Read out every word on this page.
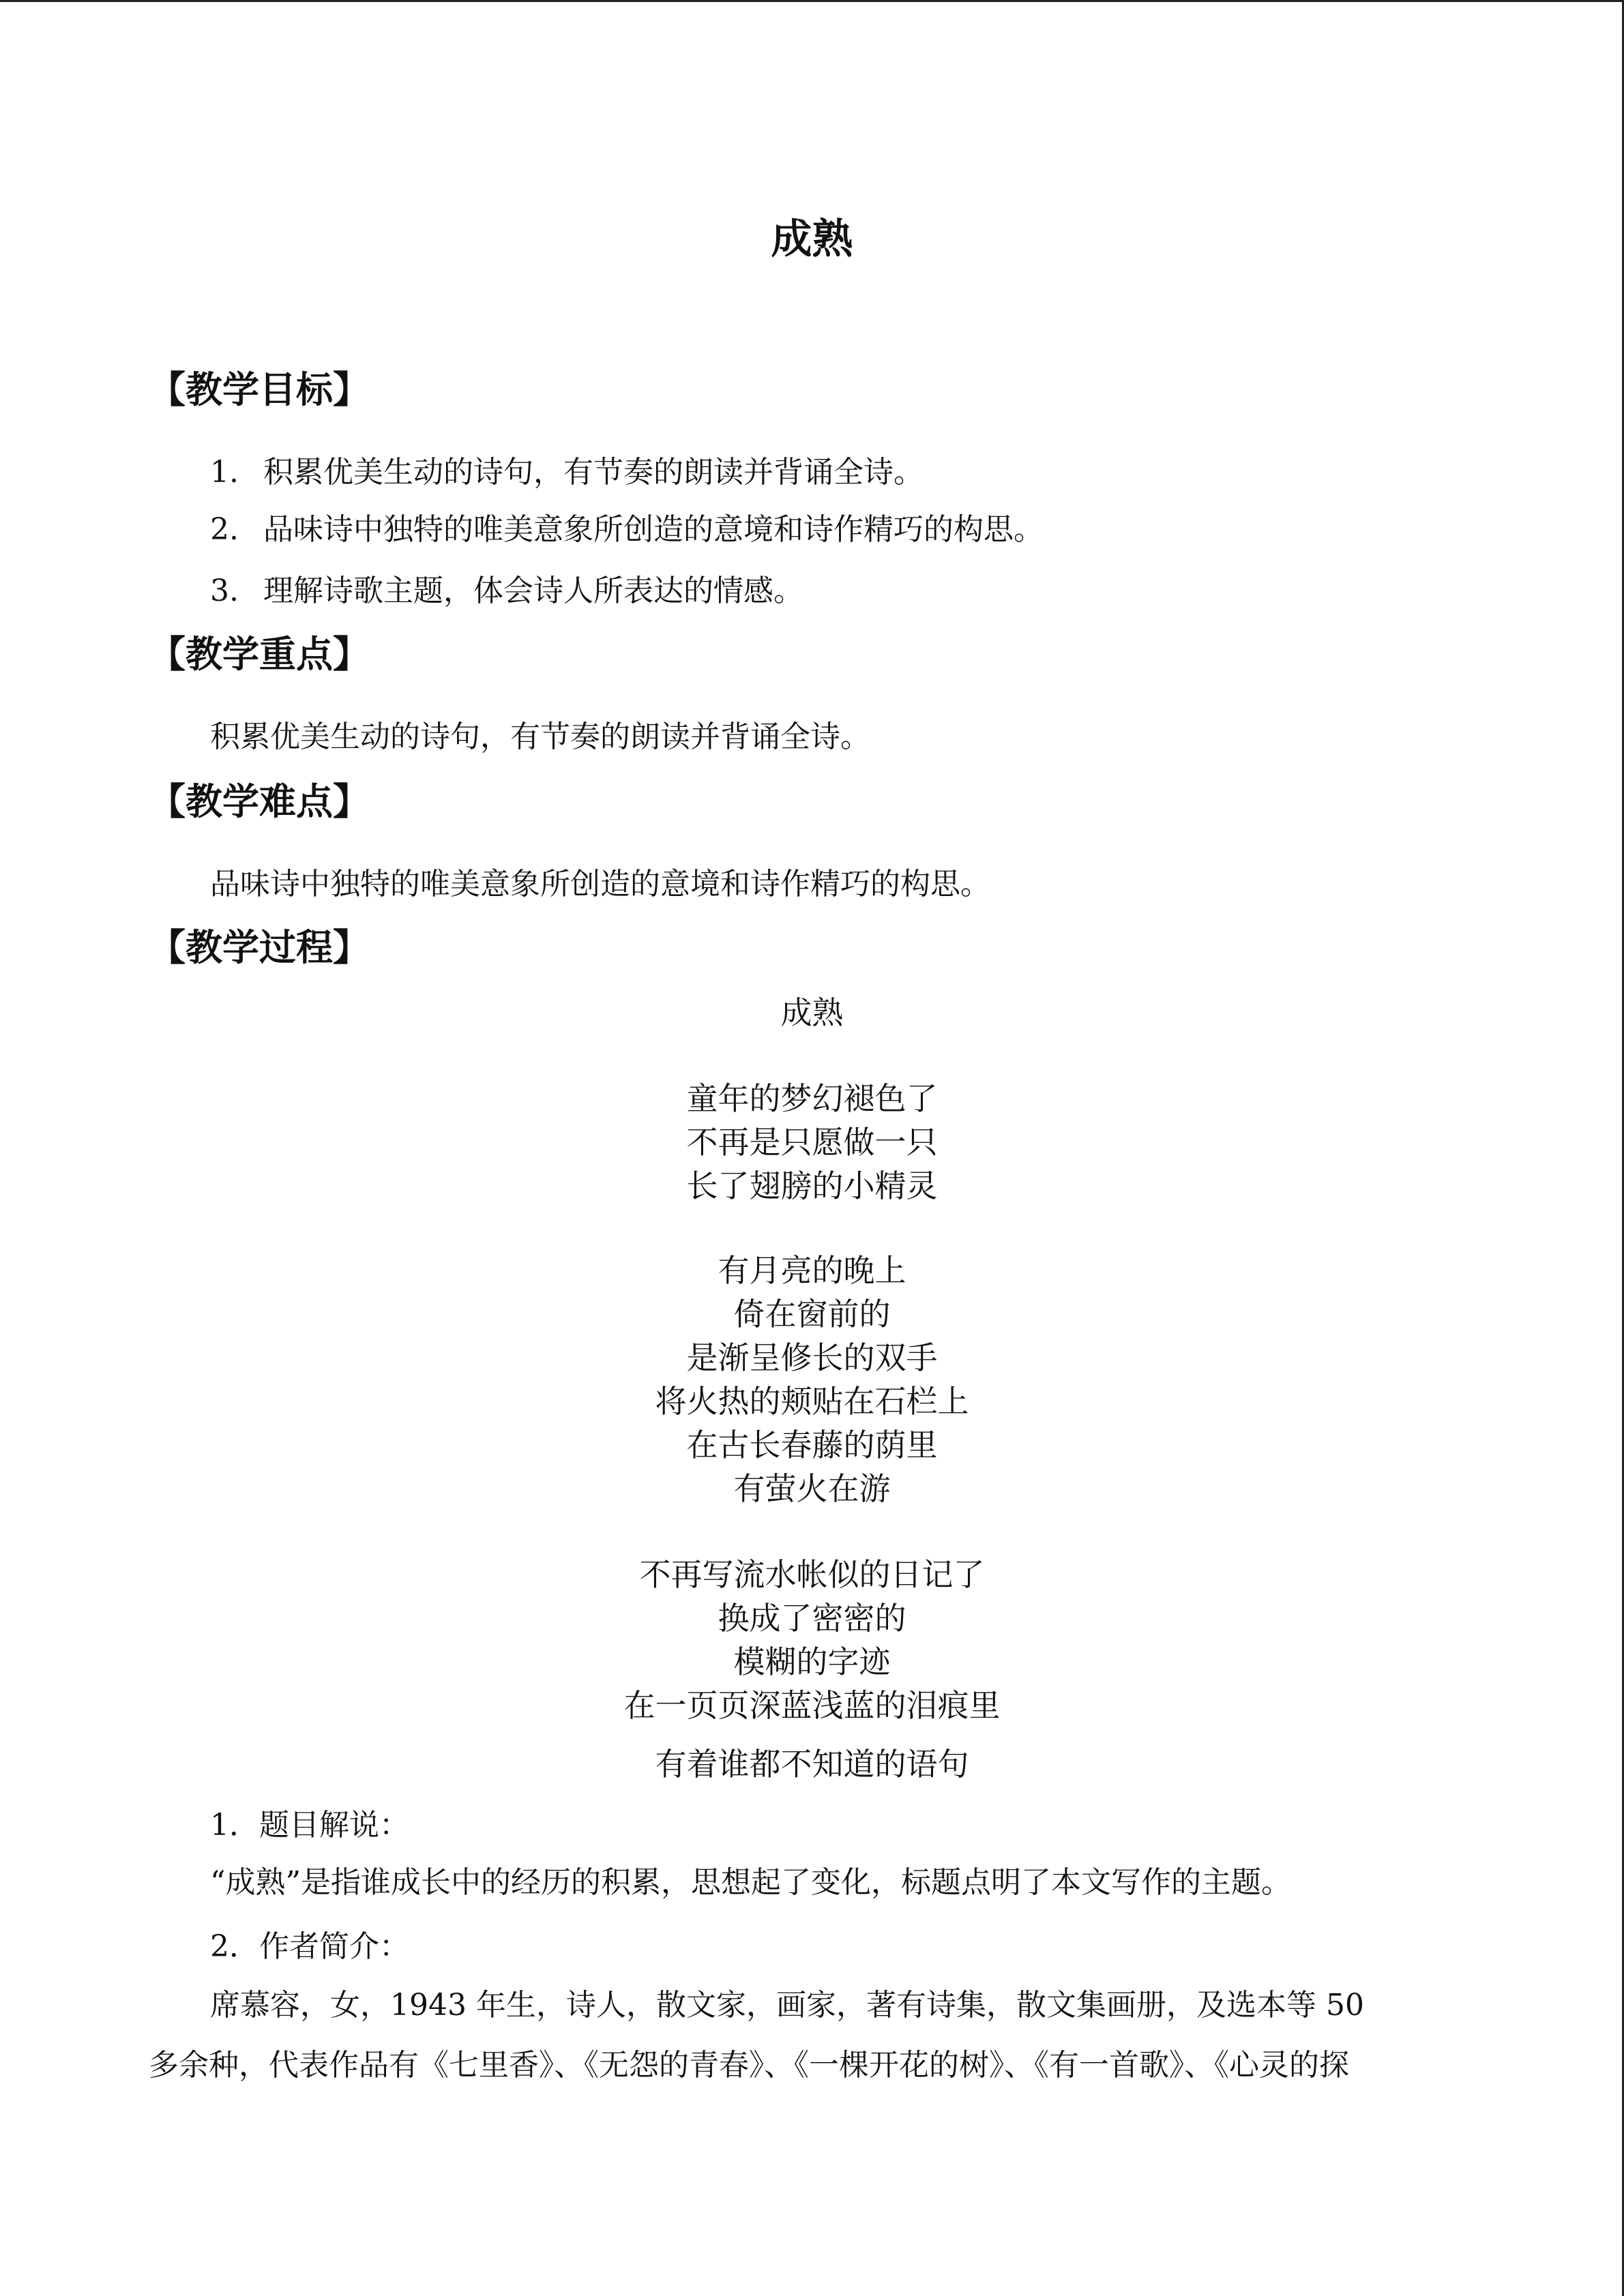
成熟
【教学目标】
1. 积累优美生动的诗句，有节奏的朗读并背诵全诗。
2. 品味诗中独特的唯美意象所创造的意境和诗作精巧的构思。
3. 理解诗歌主题，体会诗人所表达的情感。
【教学重点】
积累优美生动的诗句，有节奏的朗读并背诵全诗。
【教学难点】
品味诗中独特的唯美意象所创造的意境和诗作精巧的构思。
【教学过程】
成熟
童年的梦幻褪色了
不再是只愿做一只
长了翅膀的小精灵
有月亮的晚上
倚在窗前的
是渐呈修长的双手
将火热的颊贴在石栏上
在古长春藤的荫里
有萤火在游
不再写流水帐似的日记了
换成了密密的
模糊的字迹
在一页页深蓝浅蓝的泪痕里
有着谁都不知道的语句
1．题目解说：
“成熟”是指谁成长中的经历的积累，思想起了变化，标题点明了本文写作的主题。
2．作者简介：
席慕容，女，1943 年生，诗人，散文家，画家，著有诗集，散文集画册，及选本等 50
多余种，代表作品有《七里香》、《无怨的青春》、《一棵开花的树》、《有一首歌》、《心灵的探
